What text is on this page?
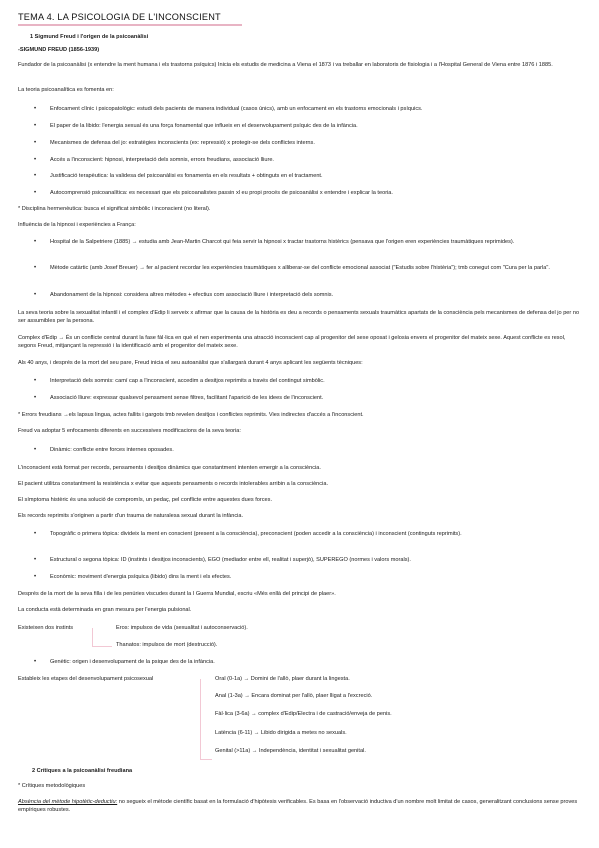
TEMA 4. LA PSICOLOGIA DE L'INCONSCIENT
1 Sigmund Freud i l'origen de la psicoanàlisi
-SIGMUND FREUD (1856-1939)
Fundador de la psicoanàlisi (x entendre la ment humana i els trastorns psíquics) Inicia els estudis de medicina a Viena el 1873 i va treballar en laboratoris de fisiologia i a l'Hospital General de Viena entre 1876 i 1885.
La teoria psicoanalítica es fomenta en:
• Enfocament clínic i psicopatològic: estudi dels pacients de manera individual (casos únics), amb un enfocament en els trastorns emocionals i psíquics.
• El paper de la libido: l'energia sexual és una força fonamental que influeix en el desenvolupament psíquic des de la infància.
• Mecanismes de defensa del jo: estratègies inconscients (ex: repressió) x protegir-se dels conflictes interns.
• Accés a l'inconscient: hipnosi, interpretació dels somnis, errors freudians, associació lliure.
• Justificació terapèutica: la validesa del psicoanàlisi es fonamenta en els resultats + obtinguts en el tractament.
• Autocomprensió psicoanalítica: es necessari que els psicoanalistes passin xl eu propi procés de psicoanàlisi x entendre i explicar la teoria.
* Disciplina hermenèutica: busca el significat simbòlic i inconscient (no literal).
Influència de la hipnosi i experiències a França:
• Hospital de la Salpetriere (1885) → estudia amb Jean-Martin Charcot qui feia servir la hipnosi x tractar trastorns histèrics (pensava que l'origen eren experiències traumàtiques reprimides).
• Mètode catàrtic (amb Josef Breuer) → fer al pacient recordar les experiències traumàtiques x alliberar-se del conflicte emocional associat ("Estudis sobre l'histèria"); tmb conegut com "Cura per la parla".
• Abandonament de la hipnosi: considera altres mètodes + efectius com associació lliure i interpretació dels somnis.
La seva teoria sobre la sexualitat infantil i el complex d'Edip li serveix x afirmar que la causa de la història es deu a records o pensaments sexuals traumàtics apartats de la consciència pels mecanismes de defensa del jo per no ser assumibles per la persona.
Complex d'Edip → És un conflicte central durant la fase fàl·lica en què el nen experimenta una atracció inconscient cap al progenitor del sexe oposat i gelosia envers el progenitor del mateix sexe. Aquest conflicte es resol, segons Freud, mitjançant la repressió i la identificació amb el progenitor del mateix sexe.
Als 40 anys, i després de la mort del seu pare, Freud inicia el seu autoanàlisi que s'allargarà durant 4 anys aplicant les següents tècniques:
• Interpretació dels somnis: camí cap a l'inconscient, accedim a desitjos reprimits a través del contingut simbòlic.
• Associació lliure: expressar qualsevol pensament sense filtres, facilitant l'aparició de les idees de l'inconscient.
* Errors freudians →els lapsus lingua, actes fallits i gargots tmb revelen desitjos i conflictes reprimits. Vies indirectes d'accés a l'inconscient.
Freud va adoptar 5 enfocaments diferents en successives modificacions de la seva teoria:
• Dinàmic: conflicte entre forces internes oposades.
L'inconscient està format per records, pensaments i desitjos dinàmics que constantment intenten emergir a la consciència.
El pacient utilitza constantment la resistència x evitar que aquests pensaments o records intolerables arribin a la consciència.
El símptoma histèric és una solució de compromís, un pedaç, pel conflicte entre aquestes dues forces.
Els records reprimits s'originen a partir d'un trauma de naturalesa sexual durant la infància.
• Topogràfic o primera tòpica: divideix la ment en conscient (present a la consciència), preconscient (poden accedir a la consciència) i inconscient (continguts reprimits).
• Estructural o segona tòpica: ID (instints i desitjos inconscients), EGO (mediador entre ell, realitat i superjò), SUPEREGO (normes i valors morals).
• Econòmic: moviment d'energia psíquica (libido) dins la ment i els efectes.
Després de la mort de la seva filla i de les penúries viscudes durant la I Guerra Mundial, escriu «Més enllà del principi de plaer».
La conducta està determinada en gran mesura per l'energia pulsional.
Existeixen dos instints	Eros: impulsos de vida (sexualitat i autoconservació).
Thanatos: impulsos de mort (destrucció).
• Genètic: origen i desenvolupament de la psique des de la infància.
Estableix les etapes del desenvolupament psicosexual	Oral (0-1a) → Domini de l'allò, plaer durant la lingesta.
Anal (1-3a) → Encara dominat per l'allò, plaer lligat a l'excreció.
Fàl·lica (3-6a) → complex d'Edip/Electra i de castració/enveja de penis.
Latència (6-11) → Libido dirigida a metes no sexuals.
Genital (>11a) → Independència, identitat i sexualitat genital.
2 Crítiques a la psicoanàlisi freudiana
* Crítiques metodològiques
Absència del mètode hipotètic-deductiu: no segueix el mètode científic basat en la formulació d'hipòtesis verificables. Es basa en l'observació inductiva d'un nombre molt limitat de casos, generalitzant conclusions sense proves empíriques robustes.
